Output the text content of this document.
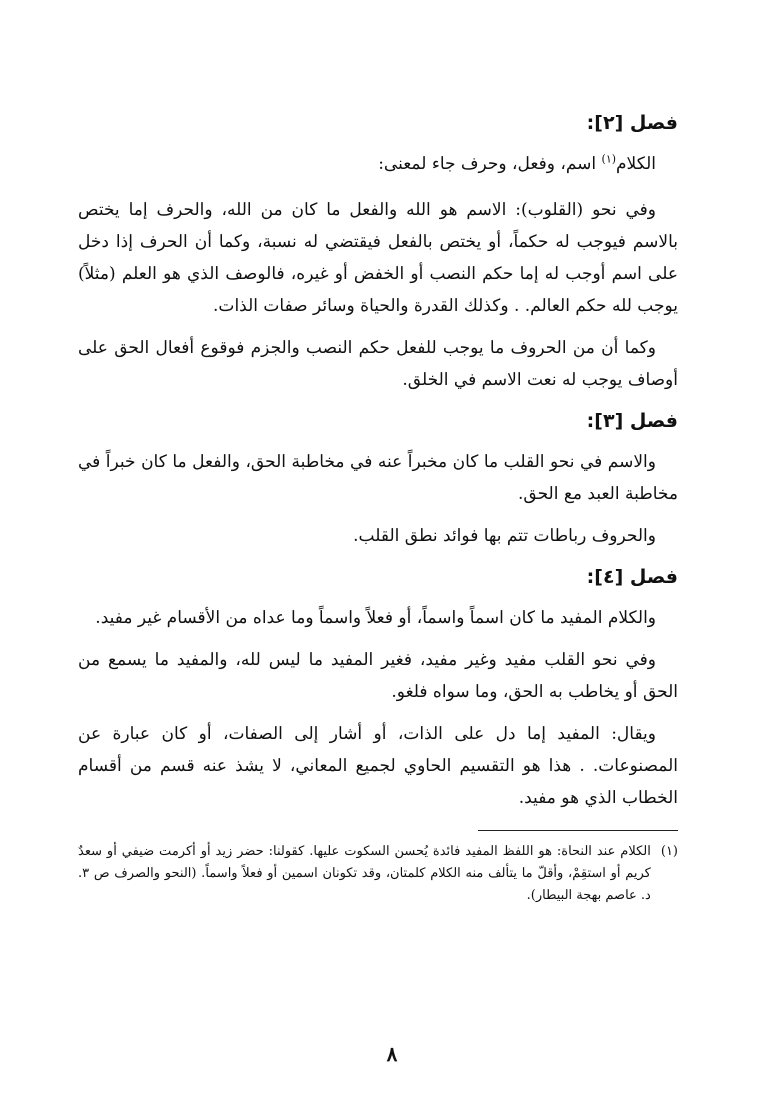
فصل [٢]:
الكلام$^{(١)}$ اسم، وفعل، وحرف جاء لمعنى:
وفي نحو (القلوب): الاسم هو الله والفعل ما كان من الله، والحرف إما يختص بالاسم فيوجب له حكماً، أو يختص بالفعل فيقتضي له نسبة، وكما أن الحرف إذا دخل على اسم أوجب له إما حكم النصب أو الخفض أو غيره، فالوصف الذي هو العلم (مثلاً) يوجب لله حكم العالم. . وكذلك القدرة والحياة وسائر صفات الذات.
وكما أن من الحروف ما يوجب للفعل حكم النصب والجزم فوقوع أفعال الحق على أوصاف يوجب له نعت الاسم في الخلق.
فصل [٣]:
والاسم في نحو القلب ما كان مخبراً عنه في مخاطبة الحق، والفعل ما كان خبراً في مخاطبة العبد مع الحق.
والحروف رباطات تتم بها فوائد نطق القلب.
فصل [٤]:
والكلام المفيد ما كان اسماً واسماً، أو فعلاً واسماً وما عداه من الأقسام غير مفيد.
وفي نحو القلب مفيد وغير مفيد، فغير المفيد ما ليس لله، والمفيد ما يسمع من الحق أو يخاطب به الحق، وما سواه فلغو.
ويقال: المفيد إما دل على الذات، أو أشار إلى الصفات، أو كان عبارة عن المصنوعات. . هذا هو التقسيم الحاوي لجميع المعاني، لا يشذ عنه قسم من أقسام الخطاب الذي هو مفيد.
(١)
الكلام عند النحاة: هو اللفظ المفيد فائدة يُحسن السكوت عليها. كقولنا: حضر زيد أو أكرمت ضيفي أو سعدٌ كريم أو استقِمْ، وأقلّ ما يتألف منه الكلام كلمتان، وقد تكونان اسمين أو فعلاً واسماً. (النحو والصرف ص ٣. د. عاصم بهجة البيطار).
٨
